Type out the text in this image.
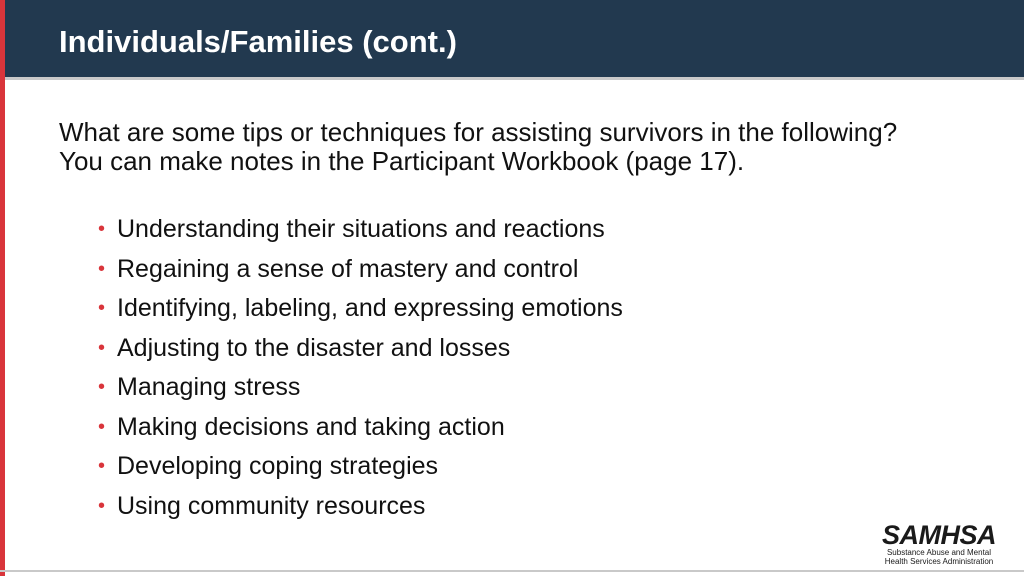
Individuals/Families (cont.)

What are some tips or techniques for assisting survivors in the following? You can make notes in the Participant Workbook (page 17).

• Understanding their situations and reactions
• Regaining a sense of mastery and control
• Identifying, labeling, and expressing emotions
• Adjusting to the disaster and losses
• Managing stress
• Making decisions and taking action
• Developing coping strategies
• Using community resources
SAMHSA
Substance Abuse and Mental Health Services Administration
